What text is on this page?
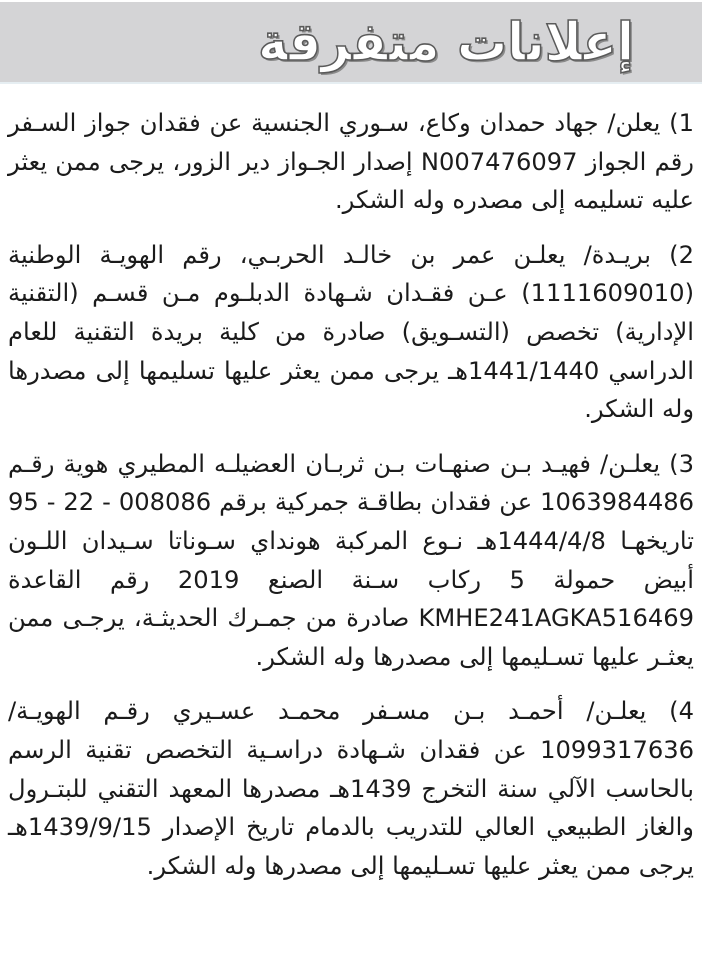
إعلانات متفرقة

1) يعلن/ جهاد حمدان وكاع، سـوري الجنسية عن فقدان جواز السـفر رقم الجواز N007476097 إصدار الجـواز دير الزور، يرجى ممن يعثر عليه تسليمه إلى مصدره وله الشكر.

2) بريـدة/ يعلـن عمر بن خالـد الحربـي، رقم الهويـة الوطنية (1111609010) عـن فقـدان شـهادة الدبلـوم مـن قسـم (التقنية الإدارية) تخصص (التسـويق) صادرة من كلية بريدة التقنية للعام الدراسي 1441/1440هـ يرجى ممن يعثر عليها تسليمها إلى مصدرها وله الشكر.

3) يعلـن/ فهيـد بـن صنهـات بـن ثربـان العضيلـه المطيري هوية رقـم 1063984486 عن فقدان بطاقـة جمركية برقم 008086 - 22 - 95 تاريخهـا 1444/4/8هـ نـوع المركبة هونداي سـوناتا سـيدان اللـون أبيض حمولة 5 ركاب سـنة الصنع 2019 رقم القاعدة KMHE241AGKA516469 صادرة من جمـرك الحديثـة، يرجـى ممن يعثـر عليها تسـليمها إلى مصدرها وله الشكر.

4) يعلـن/ أحمـد بـن مسـفر محمـد عسـيري رقـم الهويـة/ 1099317636 عن فقدان شـهادة دراسـية التخصص تقنية الرسم بالحاسب الآلي سنة التخرج 1439هـ مصدرها المعهد التقني للبتـرول والغاز الطبيعي العالي للتدريب بالدمام تاريخ الإصدار 1439/9/15هـ يرجى ممن يعثر عليها تسـليمها إلى مصدرها وله الشكر.
